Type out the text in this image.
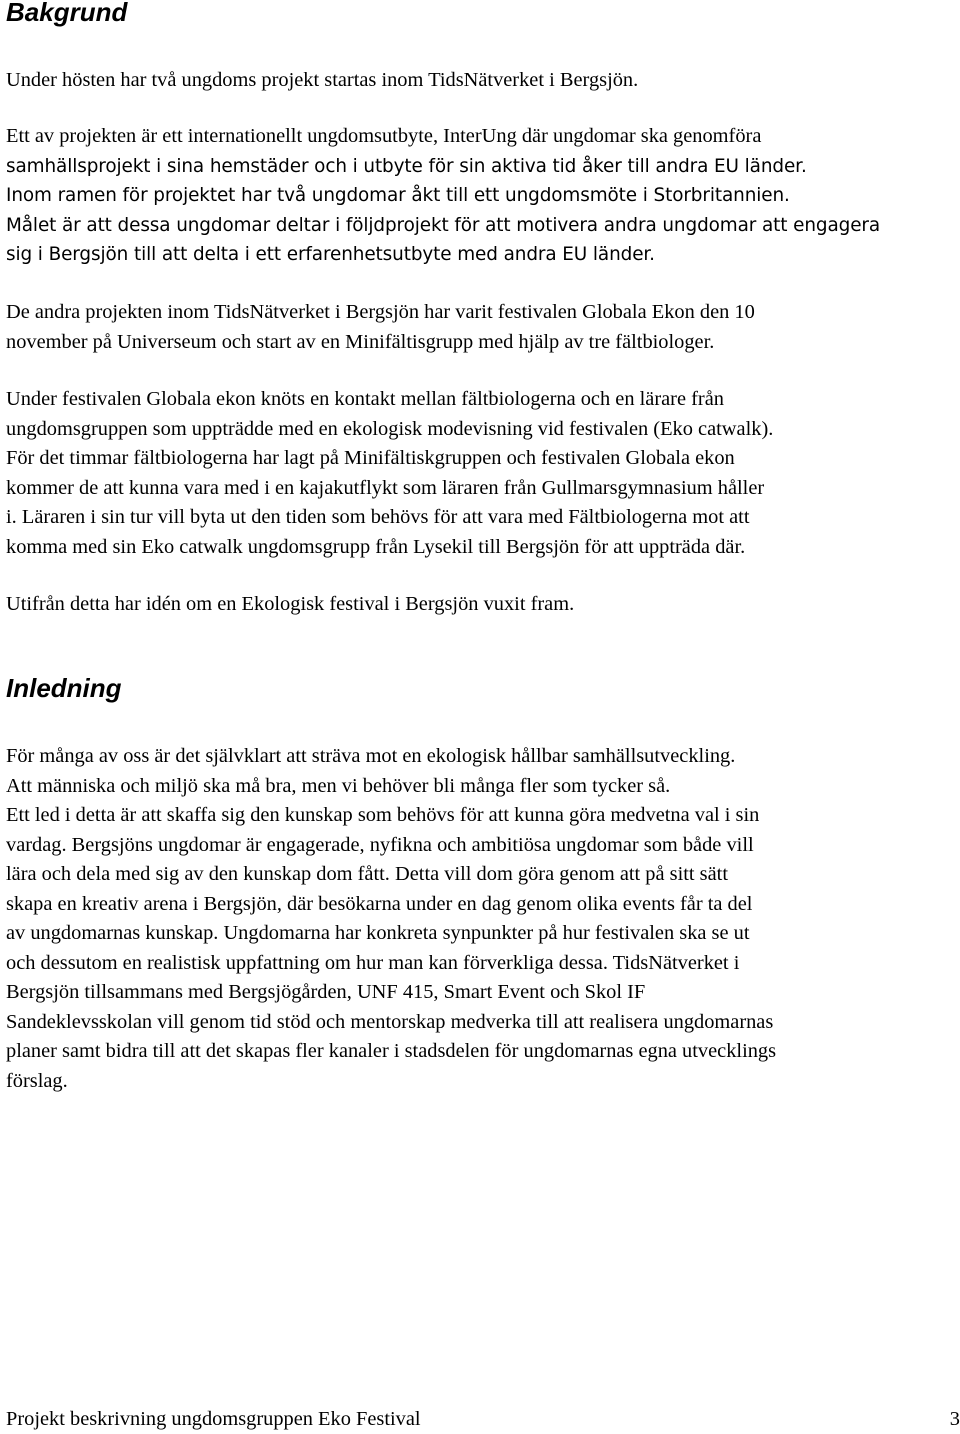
Bakgrund

Under hösten har två ungdoms projekt startas inom TidsNätverket i Bergsjön.

Ett av projekten är ett internationellt ungdomsutbyte, InterUng där ungdomar ska genomföra
samhällsprojekt i sina hemstäder och i utbyte för sin aktiva tid åker till andra EU länder.
Inom ramen för projektet har två ungdomar åkt till ett ungdomsmöte i Storbritannien.
Målet är att dessa ungdomar deltar i följdprojekt för att motivera andra ungdomar att engagera
sig i Bergsjön till att delta i ett erfarenhetsutbyte med andra EU länder.

De andra projekten inom TidsNätverket i Bergsjön har varit festivalen Globala Ekon den 10
november på Universeum och start av en Minifältisgrupp med hjälp av tre fältbiologer.

Under festivalen Globala ekon knöts en kontakt mellan fältbiologerna och en lärare från
ungdomsgruppen som uppträdde med en ekologisk modevisning vid festivalen (Eko catwalk).
För det timmar fältbiologerna har lagt på Minifältiskgruppen och festivalen Globala ekon
kommer de att kunna vara med i en kajakutflykt som läraren från Gullmarsgymnasium håller
i. Läraren i sin tur vill byta ut den tiden som behövs för att vara med Fältbiologerna mot att
komma med sin Eko catwalk ungdomsgrupp från Lysekil till Bergsjön för att uppträda där.

Utifrån detta har idén om en Ekologisk festival i Bergsjön vuxit fram.

Inledning

För många av oss är det självklart att sträva mot en ekologisk hållbar samhällsutveckling.
Att människa och miljö ska må bra, men vi behöver bli många fler som tycker så.
Ett led i detta är att skaffa sig den kunskap som behövs för att kunna göra medvetna val i sin
vardag. Bergsjöns ungdomar är engagerade, nyfikna och ambitiösa ungdomar som både vill
lära och dela med sig av den kunskap dom fått. Detta vill dom göra genom att på sitt sätt
skapa en kreativ arena i Bergsjön, där besökarna under en dag genom olika events får ta del
av ungdomarnas kunskap. Ungdomarna har konkreta synpunkter på hur festivalen ska se ut
och dessutom en realistisk uppfattning om hur man kan förverkliga dessa. TidsNätverket i
Bergsjön tillsammans med Bergsjögården, UNF 415, Smart Event och Skol IF
Sandeklevsskolan vill genom tid stöd och mentorskap medverka till att realisera ungdomarnas
planer samt bidra till att det skapas fler kanaler i stadsdelen för ungdomarnas egna utvecklings
förslag.

Projekt beskrivning ungdomsgruppen Eko Festival	3
